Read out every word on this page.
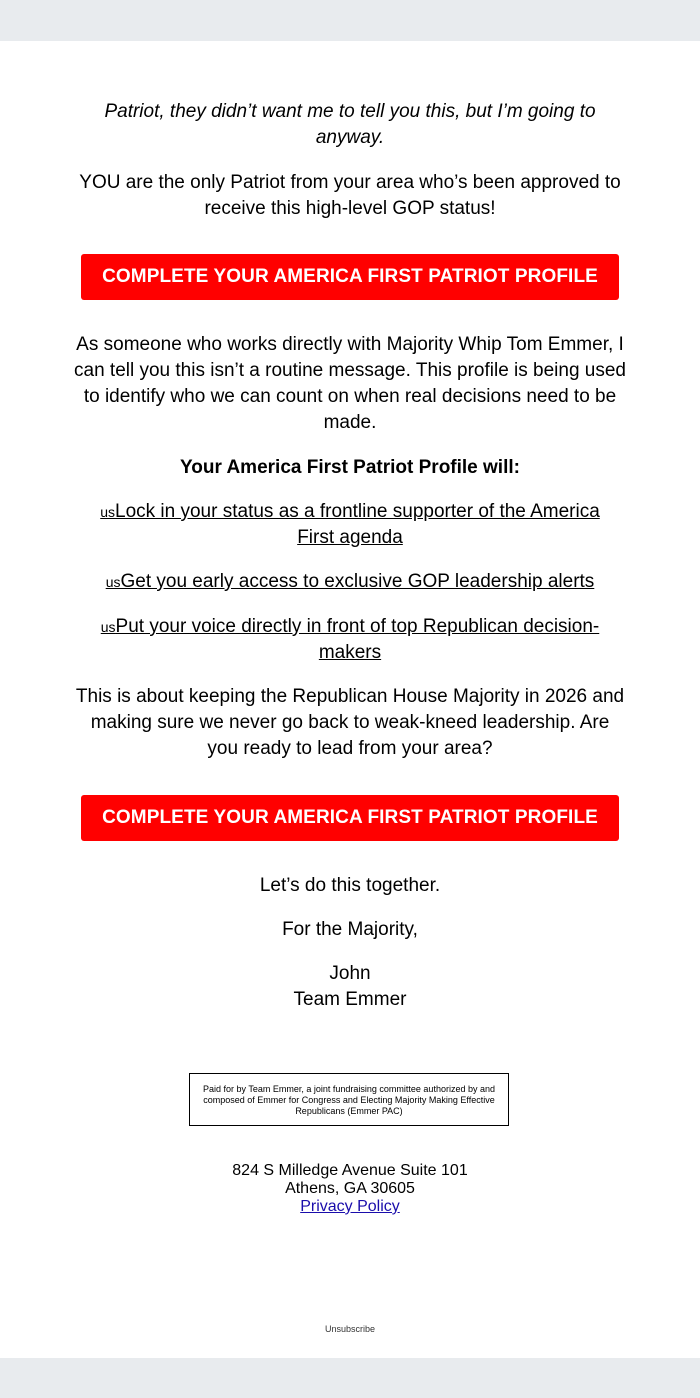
Patriot, they didn’t want me to tell you this, but I’m going to anyway.

YOU are the only Patriot from your area who’s been approved to receive this high-level GOP status!

COMPLETE YOUR AMERICA FIRST PATRIOT PROFILE

As someone who works directly with Majority Whip Tom Emmer, I can tell you this isn’t a routine message. This profile is being used to identify who we can count on when real decisions need to be made.

Your America First Patriot Profile will:

usLock in your status as a frontline supporter of the America First agenda
usGet you early access to exclusive GOP leadership alerts
usPut your voice directly in front of top Republican decision-makers

This is about keeping the Republican House Majority in 2026 and making sure we never go back to weak-kneed leadership. Are you ready to lead from your area?

COMPLETE YOUR AMERICA FIRST PATRIOT PROFILE

Let’s do this together.

For the Majority,

John

Team Emmer

Paid for by Team Emmer, a joint fundraising committee authorized by and composed of Emmer for Congress and Electing Majority Making Effective Republicans (Emmer PAC)
824 S Milledge Avenue Suite 101
Athens, GA 30605
Privacy Policy
Unsubscribe
